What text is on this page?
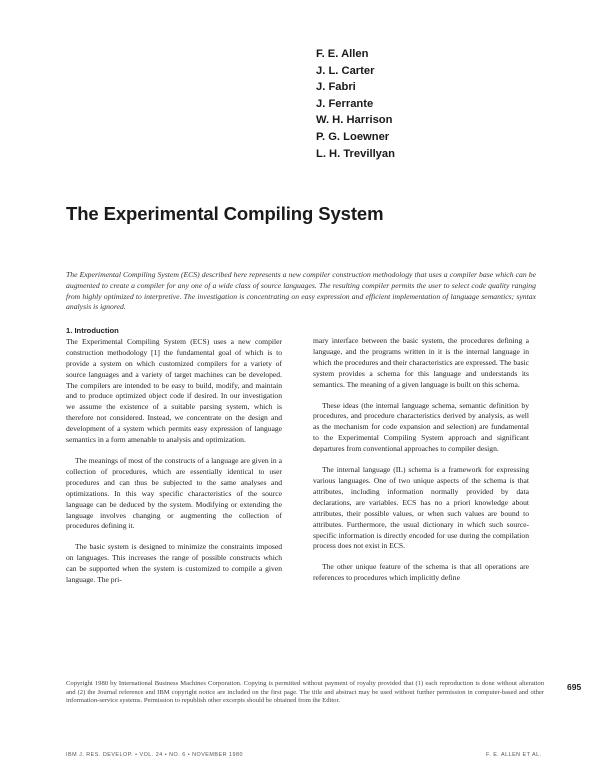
F. E. Allen
J. L. Carter
J. Fabri
J. Ferrante
W. H. Harrison
P. G. Loewner
L. H. Trevillyan
The Experimental Compiling System

The Experimental Compiling System (ECS) described here represents a new compiler construction methodology that uses a compiler base which can be augmented to create a compiler for any one of a wide class of source languages. The resulting compiler permits the user to select code quality ranging from highly optimized to interpretive. The investigation is concentrating on easy expression and efficient implementation of language semantics; syntax analysis is ignored.

1. Introduction

The Experimental Compiling System (ECS) uses a new compiler construction methodology [1] the fundamental goal of which is to provide a system on which customized compilers for a variety of source languages and a variety of target machines can be developed. The compilers are intended to be easy to build, modify, and maintain and to produce optimized object code if desired. In our investigation we assume the existence of a suitable parsing system, which is therefore not considered. Instead, we concentrate on the design and development of a system which permits easy expression of language semantics in a form amenable to analysis and optimization.

The meanings of most of the constructs of a language are given in a collection of procedures, which are essentially identical to user procedures and can thus be subjected to the same analyses and optimizations. In this way specific characteristics of the source language can be deduced by the system. Modifying or extending the language involves changing or augmenting the collection of procedures defining it.

The basic system is designed to minimize the constraints imposed on languages. This increases the range of possible constructs which can be supported when the system is customized to compile a given language. The pri-

mary interface between the basic system, the procedures defining a language, and the programs written in it is the internal language in which the procedures and their characteristics are expressed. The basic system provides a schema for this language and understands its semantics. The meaning of a given language is built on this schema.

These ideas (the internal language schema, semantic definition by procedures, and procedure characteristics derived by analysis, as well as the mechanism for code expansion and selection) are fundamental to the Experimental Compiling System approach and significant departures from conventional approaches to compiler design.

The internal language (IL) schema is a framework for expressing various languages. One of two unique aspects of the schema is that attributes, including information normally provided by data declarations, are variables. ECS has no a priori knowledge about attributes, their possible values, or when such values are bound to attributes. Furthermore, the usual dictionary in which such source-specific information is directly encoded for use during the compilation process does not exist in ECS.

The other unique feature of the schema is that all operations are references to procedures which implicitly define

Copyright 1980 by International Business Machines Corporation. Copying is permitted without payment of royalty provided that (1) each reproduction is done without alteration and (2) the Journal reference and IBM copyright notice are included on the first page. The title and abstract may be used without further permission in computer-based and other information-service systems. Permission to republish other excerpts should be obtained from the Editor.

695
IBM J. RES. DEVELOP. • VOL. 24 • NO. 6 • NOVEMBER 1980	F. E. ALLEN ET AL.
